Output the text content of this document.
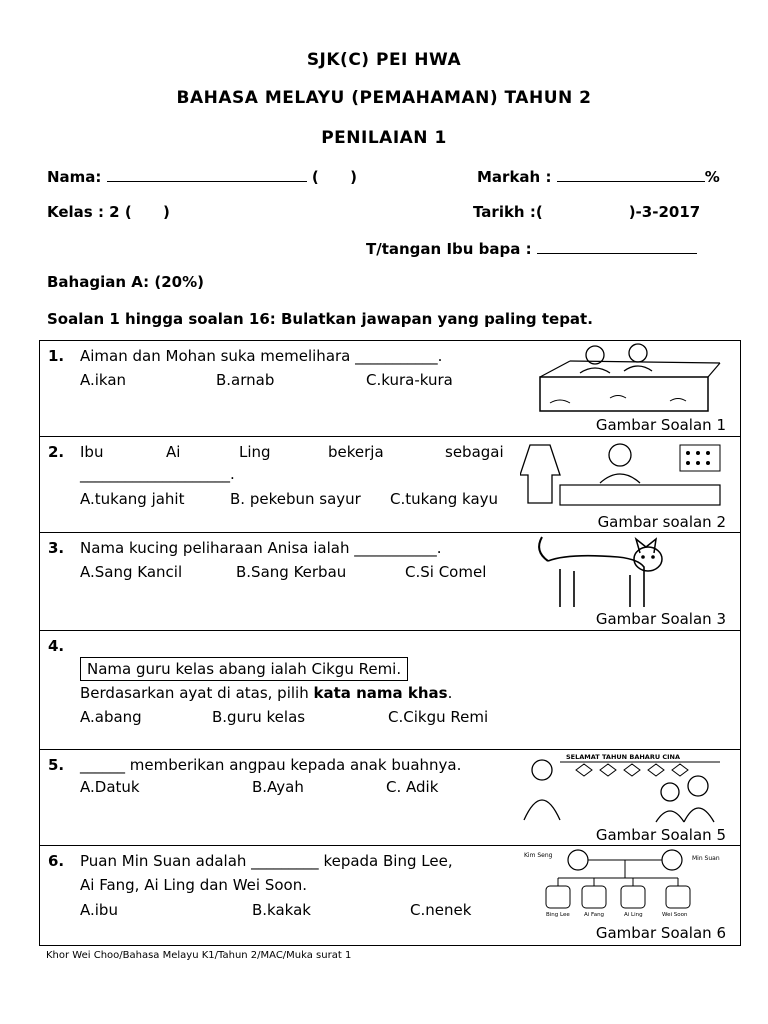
SJK(C) PEI HWA
BAHASA MELAYU (PEMAHAMAN) TAHUN 2
PENILAIAN 1
Nama:	(      )	Markah :	%
Kelas : 2 (      )	Tarikh :(	)-3-2017
T/tangan Ibu bapa :
Bahagian A: (20%)
Soalan 1 hingga soalan 16: Bulatkan jawapan yang paling tepat.
1. Aiman dan Mohan suka memelihara ___________.
A.ikan	B.arnab	C.kura-kura
Gambar Soalan 1

2. Ibu	Ai	Ling	bekerja	sebagai
____________________.
A.tukang jahit	B. pekebun sayur C.tukang kayu
Gambar soalan 2

3. Nama kucing peliharaan Anisa ialah ___________.
A.Sang Kancil	B.Sang Kerbau	C.Si Comel
Gambar Soalan 3

4.
Nama guru kelas abang ialah Cikgu Remi.
Berdasarkan ayat di atas, pilih kata nama khas.
A.abang	B.guru kelas	C.Cikgu Remi

5. ______ memberikan angpau kepada anak buahnya.
A.Datuk	B.Ayah	C. Adik
SELAMAT TAHUN BAHARU CINA
Gambar Soalan 5

6. Puan Min Suan adalah _________ kepada Bing Lee,
Ai Fang, Ai Ling dan Wei Soon.
A.ibu	B.kakak	C.nenek
Kim Seng	Min Suan
Bing Lee	Ai Fang	Ai Ling	Wei Soon
Gambar Soalan 6
Khor Wei Choo/Bahasa Melayu K1/Tahun 2/MAC/Muka surat 1
